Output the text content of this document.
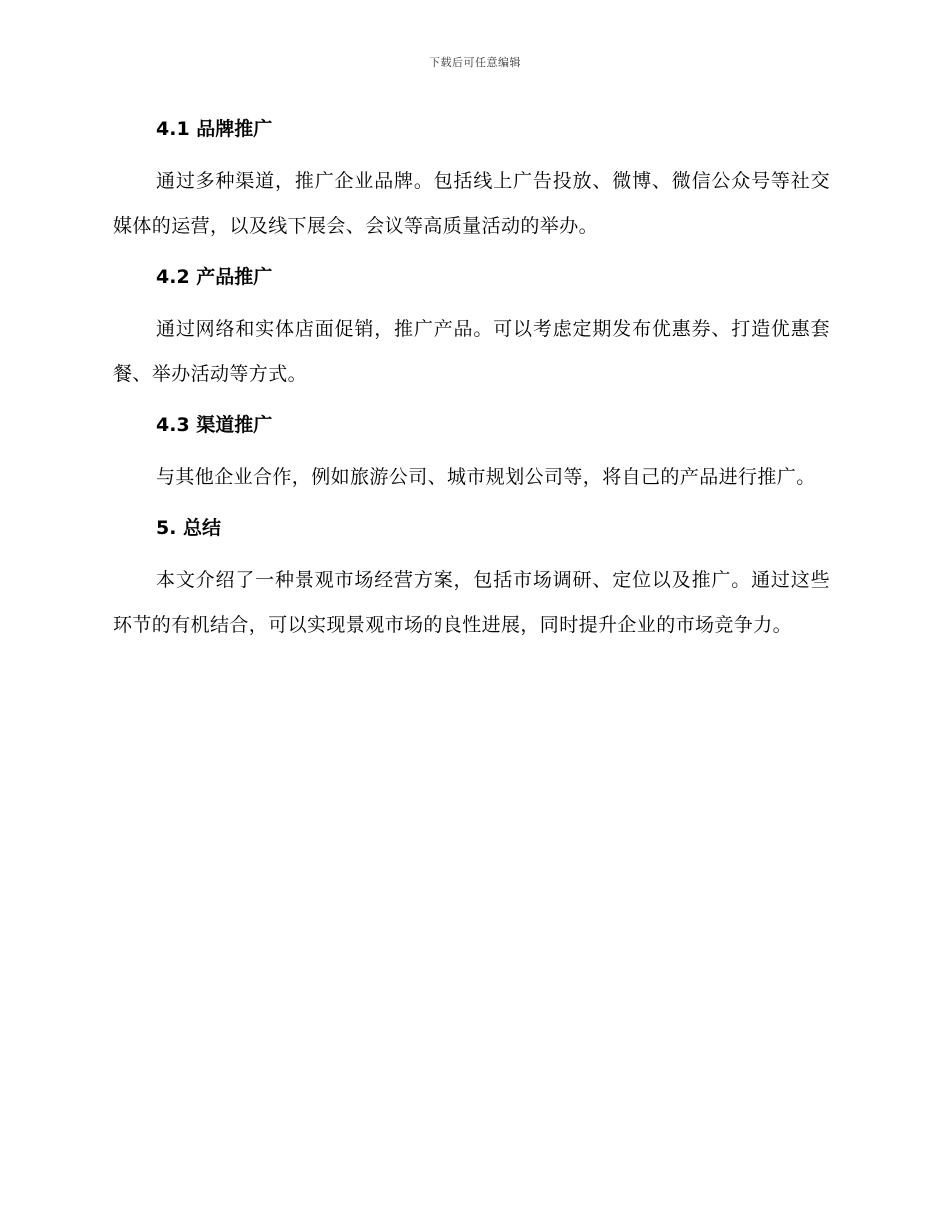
下载后可任意编辑
4.1 品牌推广

通过多种渠道，推广企业品牌。包括线上广告投放、微博、微信公众号等社交媒体的运营，以及线下展会、会议等高质量活动的举办。

4.2 产品推广

通过网络和实体店面促销，推广产品。可以考虑定期发布优惠券、打造优惠套餐、举办活动等方式。

4.3 渠道推广

与其他企业合作，例如旅游公司、城市规划公司等，将自己的产品进行推广。

5. 总结

本文介绍了一种景观市场经营方案，包括市场调研、定位以及推广。通过这些环节的有机结合，可以实现景观市场的良性进展，同时提升企业的市场竞争力。
